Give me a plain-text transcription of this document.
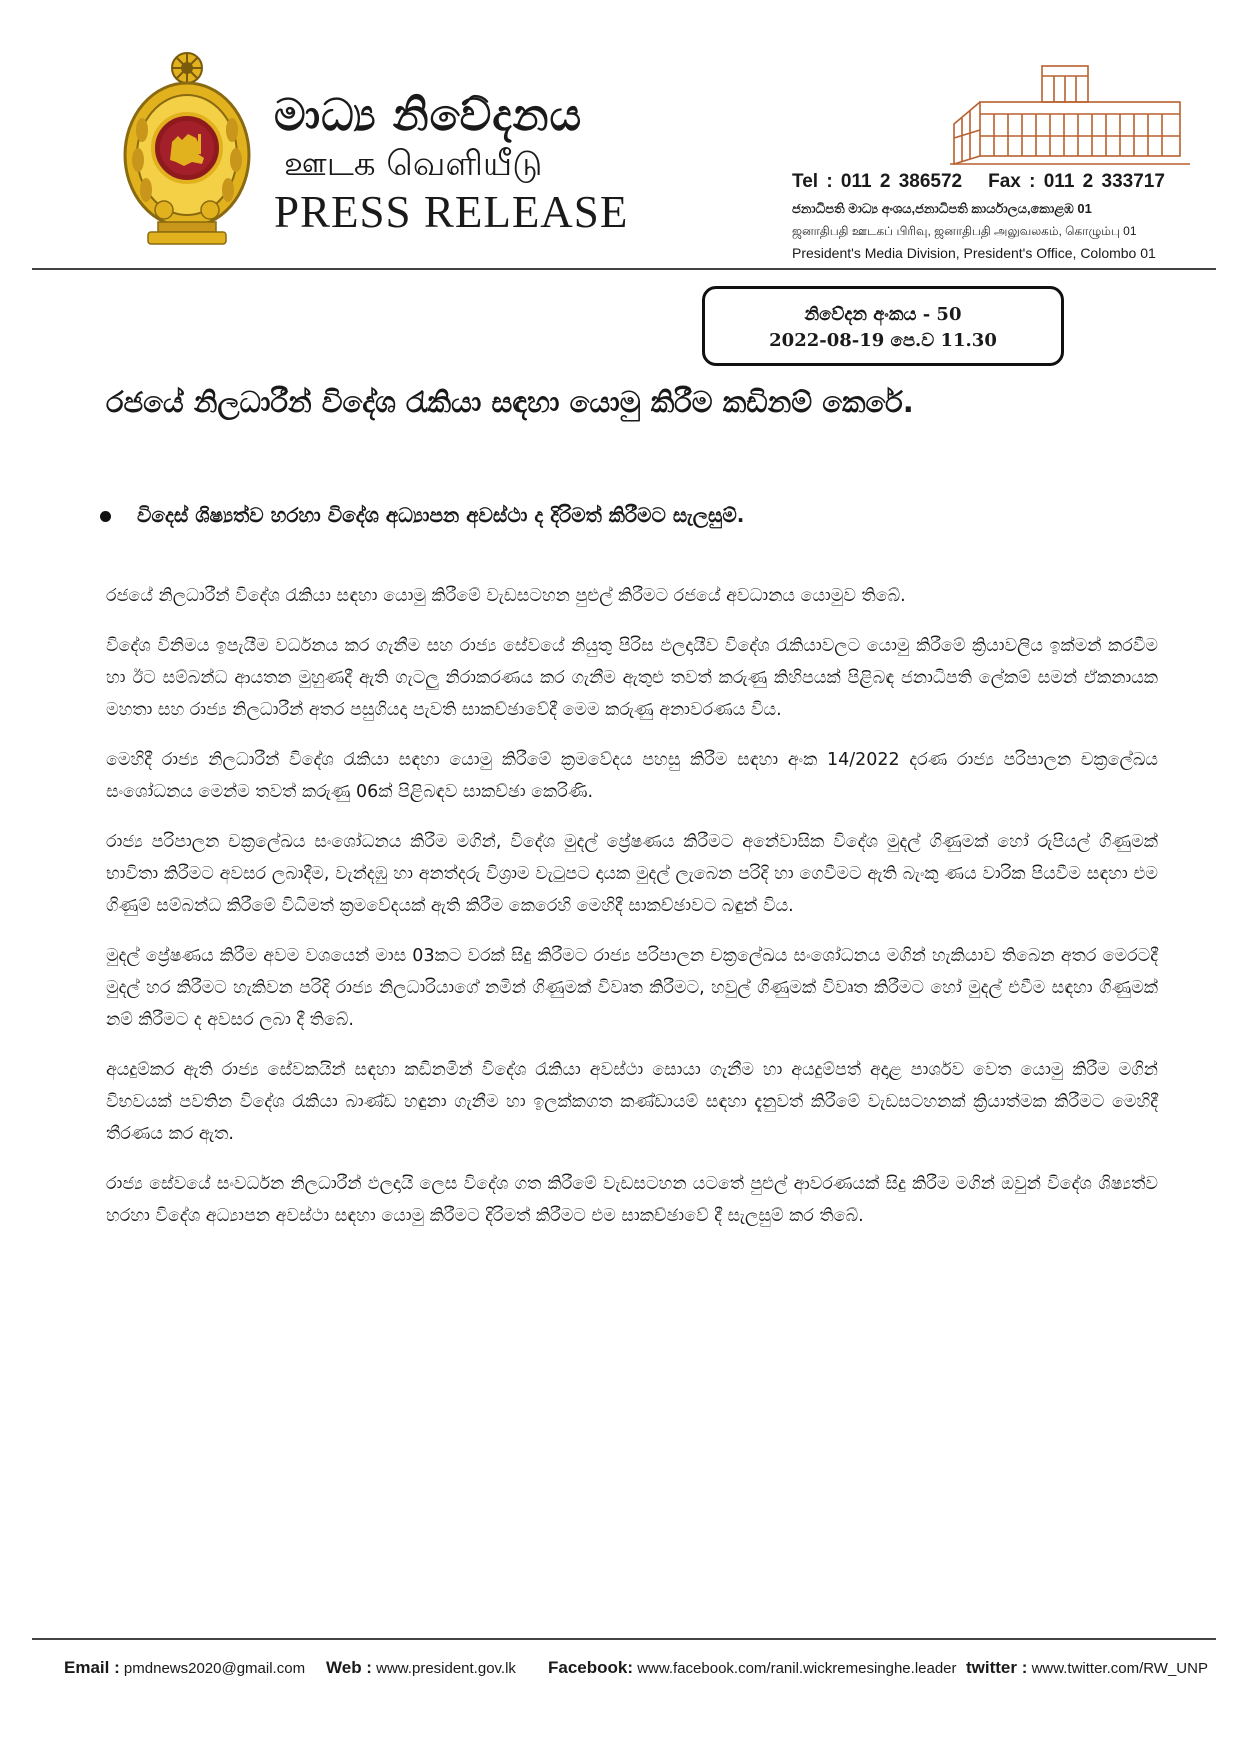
මාධ්‍ය නිවේදනය
ஊடக வெளியீடு
PRESS RELEASE
Tel : 011 2 386572 Fax : 011 2 333717
ජනාධිපති මාධ්‍ය අංශය,ජනාධිපති කාර්යාලය,කොළඹ 01
ஜனாதிபதி ஊடகப் பிரிவு, ஜனாதிபதி அலுவலகம், கொழும்பு 01
President's Media Division, President's Office, Colombo 01
නිවේදන අංකය - 50
2022-08-19 පෙ.ව 11.30
රජයේ නිලධාරීන් විදේශ රැකියා සඳහා යොමු කිරීම කඩිනම් කෙරේ.
විදෙස් ශිෂ්‍යත්ව හරහා විදේශ අධ්‍යාපන අවස්ථා ද දිරිමත් කිරීමට සැලසුම්.

රජයේ නිලධාරීන් විදේශ රැකියා සඳහා යොමු කිරීමේ වැඩසටහන පුළුල් කිරීමට රජයේ අවධානය යොමුව තිබේ.

විදේශ විනිමය ඉපැයීම වර්ධනය කර ගැනීම සහ රාජ්‍ය සේවයේ නියුතු පිරිස ඵලදායීව විදේශ රැකියාවලට යොමු කිරීමේ ක්‍රියාවලිය ඉක්මන් කරවීම හා ඊට සම්බන්ධ ආයතන මුහුණදී ඇති ගැටලු නිරාකරණය කර ගැනීම ඇතුළු තවත් කරුණු කිහිපයක් පිළිබඳ ජනාධිපති ලේකම් සමන් ඒකනායක මහතා සහ රාජ්‍ය නිලධාරීන් අතර පසුගියදා පැවති සාකච්ඡාවේදී මෙම කරුණු අනාවරණය විය.

මෙහිදී රාජ්‍ය නිලධාරීන් විදේශ රැකියා සඳහා යොමු කිරීමේ ක්‍රමවේදය පහසු කිරීම සඳහා අංක 14/2022 දරණ රාජ්‍ය පරිපාලන චක්‍රලේඛය සංශෝධනය මෙන්ම තවත් කරුණු 06ක් පිළිබඳව සාකච්ඡා කෙරිණි.

රාජ්‍ය පරිපාලන චක්‍රලේඛය සංශෝධනය කිරීම මගින්, විදේශ මුදල් ප්‍රේෂණය කිරීමට අනේවාසික විදේශ මුදල් ගිණුමක් හෝ රුපියල් ගිණුමක් භාවිතා කිරීමට අවසර ලබාදීම, වැන්දඹු හා අනත්දරු විශ්‍රාම වැටුපට දායක මුදල් ලැබෙන පරිදි හා ගෙවීමට ඇති බැංකු ණය වාරික පියවීම සඳහා එම ගිණුම් සම්බන්ධ කිරීමේ විධිමත් ක්‍රමවේදයක් ඇති කිරීම කෙරෙහි මෙහිදී සාකච්ඡාවට බඳුන් විය.

මුදල් ප්‍රේෂණය කිරීම අවම වශයෙන් මාස 03කට වරක් සිදු කිරීමට රාජ්‍ය පරිපාලන චක්‍රලේඛය සංශෝධනය මගින් හැකියාව තිබෙන අතර මෙරටදී මුදල් හර කිරීමට හැකිවන පරිදි රාජ්‍ය නිලධාරියාගේ නමින් ගිණුමක් විවෘත කිරීමට, හවුල් ගිණුමක් විවෘත කිරීමට හෝ මුදල් එවීම සඳහා ගිණුමක් නම් කිරීමට ද අවසර ලබා දී තිබේ.

අයදුම්කර ඇති රාජ්‍ය සේවකයින් සඳහා කඩිනමින් විදේශ රැකියා අවස්ථා සොයා ගැනීම හා අයදුම්පත් අදාළ පාර්ශව වෙත යොමු කිරීම මගින් විභවයක් පවතින විදේශ රැකියා බාණ්ඩ හඳුනා ගැනීම හා ඉලක්කගත කණ්ඩායම් සඳහා දැනුවත් කිරීමේ වැඩසටහනක් ක්‍රියාත්මක කිරීමට මෙහිදී තීරණය කර ඇත.

රාජ්‍ය සේවයේ සංවර්ධන නිලධාරීන් ඵලදායි ලෙස විදේශ ගත කිරීමේ වැඩසටහන යටතේ පුළුල් ආවරණයක් සිදු කිරීම මගින් ඔවුන් විදේශ ශිෂ්‍යත්ව හරහා විදේශ අධ්‍යාපන අවස්ථා සඳහා යොමු කිරීමට දිරිමත් කිරීමට එම සාකච්ඡාවේ දී සැලසුම් කර තිබේ.

Email : pmdnews2020@gmail.com Web : www.president.gov.lk Facebook: www.facebook.com/ranil.wickremesinghe.leader twitter : www.twitter.com/RW_UNP
